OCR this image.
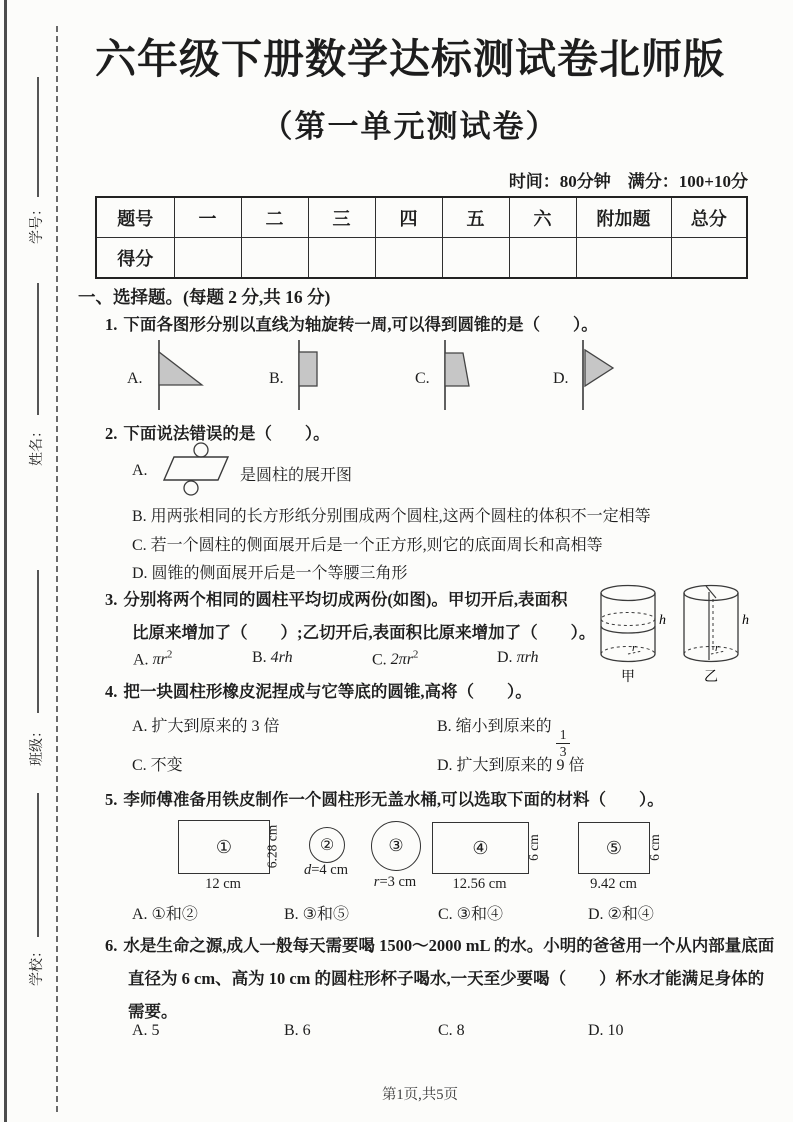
学号：
姓名：
班级：
学校：
六年级下册数学达标测试卷北师版
（第一单元测试卷）
时间：80分钟　满分：100+10分
题号	一	二	三	四	五	六	附加题	总分
得分								
一、选择题。(每题 2 分,共 16 分)
1. 下面各图形分别以直线为轴旋转一周,可以得到圆锥的是（　　）。
A.	B.	C.	D.
2. 下面说法错误的是（　　）。
A.	是圆柱的展开图
B. 用两张相同的长方形纸分别围成两个圆柱,这两个圆柱的体积不一定相等
C. 若一个圆柱的侧面展开后是一个正方形,则它的底面周长和高相等
D. 圆锥的侧面展开后是一个等腰三角形
3. 分别将两个相同的圆柱平均切成两份(如图)。甲切开后,表面积
比原来增加了（　　）;乙切开后,表面积比原来增加了（　　）。
A. $\pi r^2$	B. 4rh	C. $2\pi r^2$	D. πrh
r
h
甲
r
h
乙
4. 把一块圆柱形橡皮泥捏成与它等底的圆锥,高将（　　）。
A. 扩大到原来的 3 倍	B. 缩小到原来的
$\frac{1}{3}$
C. 不变	D. 扩大到原来的 9 倍
5. 李师傅准备用铁皮制作一个圆柱形无盖水桶,可以选取下面的材料（　　）。
① 6.28 cm
12 cm
②
d=4 cm
③
r=3 cm
④	6 cm
12.56 cm
⑤ 6 cm
9.42 cm
A. ①和②	B. ③和⑤	C. ③和④	D. ②和④
6. 水是生命之源,成人一般每天需要喝 1500～2000 mL 的水。小明的爸爸用一个从内部量底面直径为 6 cm、高为 10 cm 的圆柱形杯子喝水,一天至少要喝（　　）杯水才能满足身体的需要。
A. 5	B. 6	C. 8	D. 10
第1页,共5页
